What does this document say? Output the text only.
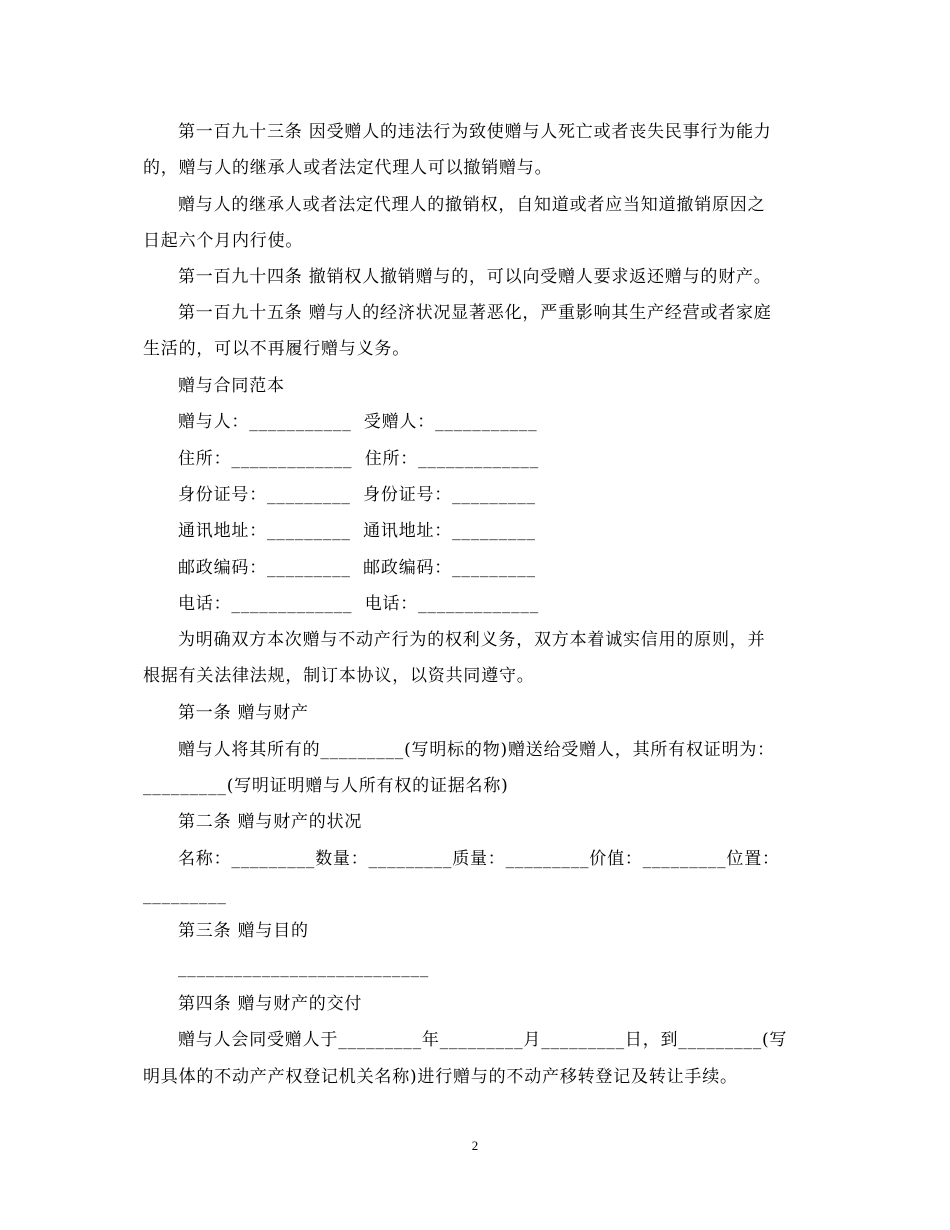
第一百九十三条 因受赠人的违法行为致使赠与人死亡或者丧失民事行为能力
的，赠与人的继承人或者法定代理人可以撤销赠与。
赠与人的继承人或者法定代理人的撤销权，自知道或者应当知道撤销原因之
日起六个月内行使。
第一百九十四条 撤销权人撤销赠与的，可以向受赠人要求返还赠与的财产。
第一百九十五条 赠与人的经济状况显著恶化，严重影响其生产经营或者家庭
生活的，可以不再履行赠与义务。
赠与合同范本
赠与人：___________  受赠人：___________
住所：_____________  住所：_____________
身份证号：_________  身份证号：_________
通讯地址：_________  通讯地址：_________
邮政编码：_________  邮政编码：_________
电话：_____________  电话：_____________
为明确双方本次赠与不动产行为的权利义务，双方本着诚实信用的原则，并
根据有关法律法规，制订本协议，以资共同遵守。
第一条 赠与财产
赠与人将其所有的_________(写明标的物)赠送给受赠人，其所有权证明为：
_________(写明证明赠与人所有权的证据名称)
第二条 赠与财产的状况
名称：_________数量：_________质量：_________价值：_________位置：
_________
第三条 赠与目的
___________________________
第四条 赠与财产的交付
赠与人会同受赠人于_________年_________月_________日，到_________(写
明具体的不动产产权登记机关名称)进行赠与的不动产移转登记及转让手续。
2
